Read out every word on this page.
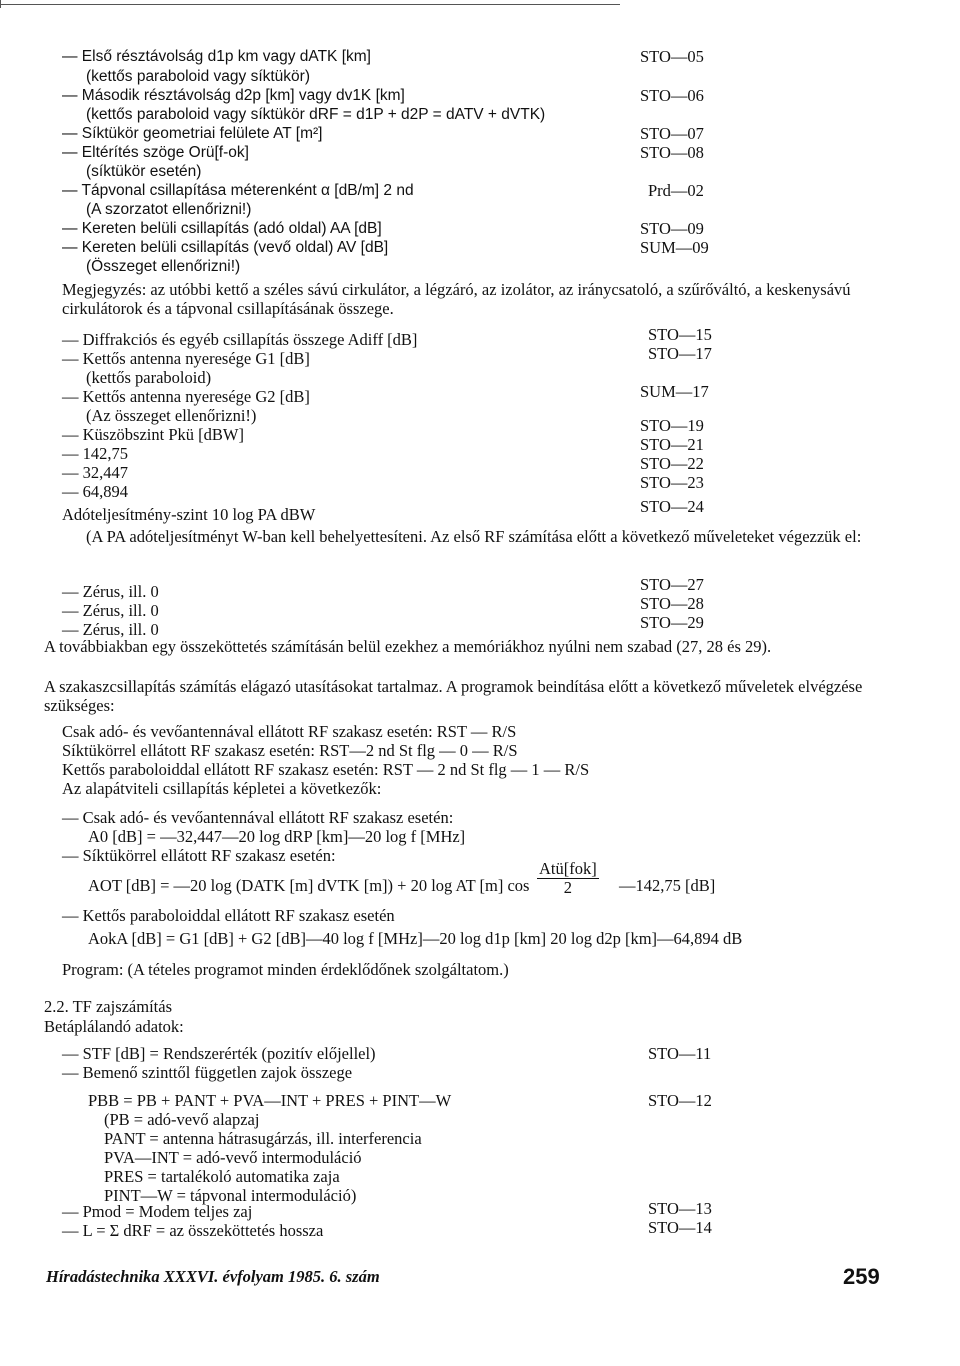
— Első résztávolság d1p km vagy dATK [km]
(kettős paraboloid vagy síktükör)
— Második résztávolság d2p [km] vagy dv1K [km]
(kettős paraboloid vagy síktükör dRF = d1P + d2P = dATV + dVTK)
— Síktükör geometriai felülete AT [m²]
— Eltérítés szöge Orü[f-ok]
(síktükör esetén)
— Tápvonal csillapítása méterenként α [dB/m] 2 nd
(A szorzatot ellenőrizni!)
— Kereten belüli csillapítás (adó oldal) AA [dB]
— Kereten belüli csillapítás (vevő oldal) AV [dB]
(Összeget ellenőrizni!)
— Diffrakciós és egyéb csillapítás összege Adiff [dB]
— Kettős antenna nyeresége G1 [dB]
(kettős paraboloid)
— Kettős antenna nyeresége G2 [dB]
(Az összeget ellenőrizni!)
— Küszöbszint Pkü [dBW]
— 142,75
— 32,447
— 64,894
Adóteljesítmény-szint 10 log PA dBW
— Zérus, ill. 0
— Zérus, ill. 0
— Zérus, ill. 0
Csak adó- és vevőantennával ellátott RF szakasz esetén: RST — R/S
Síktükörrel ellátott RF szakasz esetén: RST—2 nd St flg — 0 — R/S
Kettős paraboloiddal ellátott RF szakasz esetén: RST — 2 nd St flg — 1 — R/S
Az alapátviteli csillapítás képletei a következők:
— Csak adó- és vevőantennával ellátott RF szakasz esetén:
A0 [dB] = —32,447—20 log dRP [km]—20 log f [MHz]
— Síktükörrel ellátott RF szakasz esetén:
AOT [dB] = —20 log (DATK [m] dVTK [m]) + 20 log AT [m] cos	—142,75 [dB]
— Kettős paraboloiddal ellátott RF szakasz esetén
AokA [dB] = G1 [dB] + G2 [dB]—40 log f [MHz]—20 log d1p [km] 20 log d2p [km]—64,894 dB
Program: (A tételes programot minden érdeklődőnek szolgáltatom.)
2.2. TF zajszámítás
Betáplálandó adatok:
— STF [dB] = Rendszerérték (pozitív előjellel)
— Bemenő szinttől független zajok összege
PBB = PB + PANT + PVA—INT + PRES + PINT—W
(PB = adó-vevő alapzaj
PANT = antenna hátrasugárzás, ill. interferencia
PVA—INT = adó-vevő intermoduláció
PRES = tartalékoló automatika zaja
PINT—W = tápvonal intermoduláció)
— Pmod = Modem teljes zaj
— L = Σ dRF = az összeköttetés hossza
STO—05
STO—06
STO—07
STO—08
Prd—02
STO—09
SUM—09
STO—15
STO—17
SUM—17
STO—19
STO—21
STO—22
STO—23
STO—24
STO—27
STO—28
STO—29
STO—11
STO—12
STO—13
STO—14
Megjegyzés: az utóbbi kettő a széles sávú cirkulátor, a légzáró, az izolátor, az iránycsatoló, a szűrőváltó, a keskenysávú cirkulátorok és a tápvonal csillapításának összege.
(A PA adóteljesítményt W-ban kell behelyettesíteni. Az első RF számítása előtt a következő műveleteket végezzük el:
A továbbiakban egy összeköttetés számításán belül ezekhez a memóriákhoz nyúlni nem szabad (27, 28 és 29).
A szakaszcsillapítás számítás elágazó utasításokat tartalmaz. A programok beindítása előtt a következő műveletek elvégzése szükséges:
Atü[fok]
2
Híradástechnika XXXVI. évfolyam 1985. 6. szám	259
